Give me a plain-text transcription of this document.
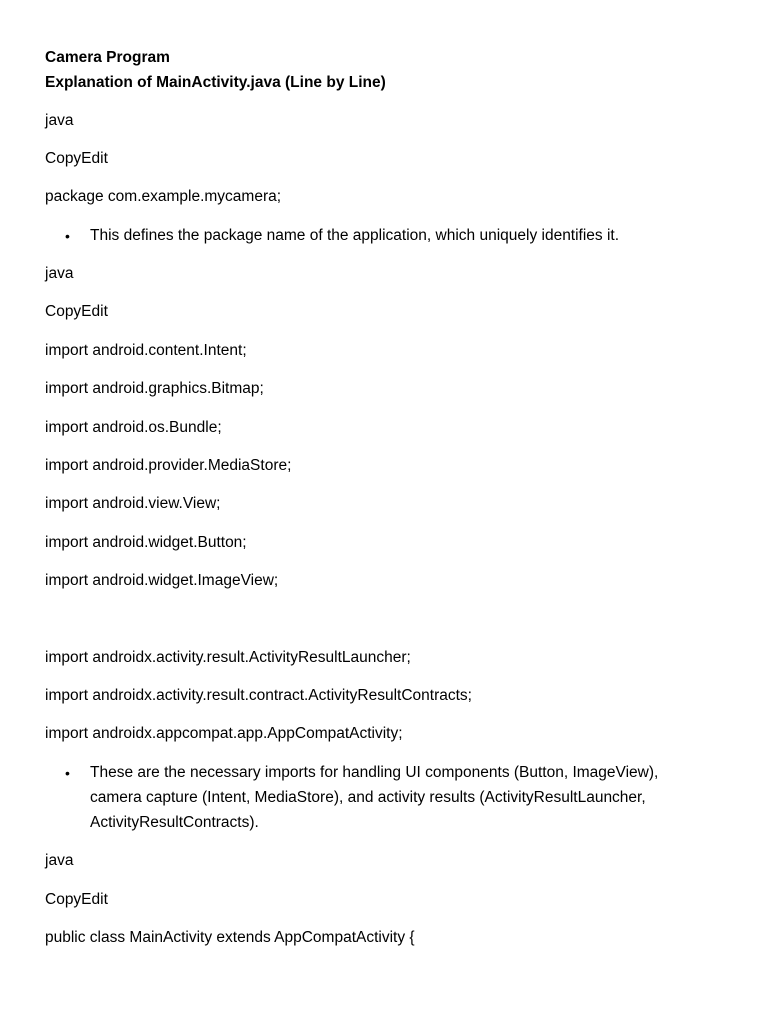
Camera Program
Explanation of MainActivity.java (Line by Line)
java
CopyEdit
package com.example.mycamera;
• This defines the package name of the application, which uniquely identifies it.
java
CopyEdit
import android.content.Intent;
import android.graphics.Bitmap;
import android.os.Bundle;
import android.provider.MediaStore;
import android.view.View;
import android.widget.Button;
import android.widget.ImageView;
import androidx.activity.result.ActivityResultLauncher;
import androidx.activity.result.contract.ActivityResultContracts;
import androidx.appcompat.app.AppCompatActivity;
• These are the necessary imports for handling UI components (Button, ImageView),
camera capture (Intent, MediaStore), and activity results (ActivityResultLauncher,
ActivityResultContracts).
java
CopyEdit
public class MainActivity extends AppCompatActivity {
